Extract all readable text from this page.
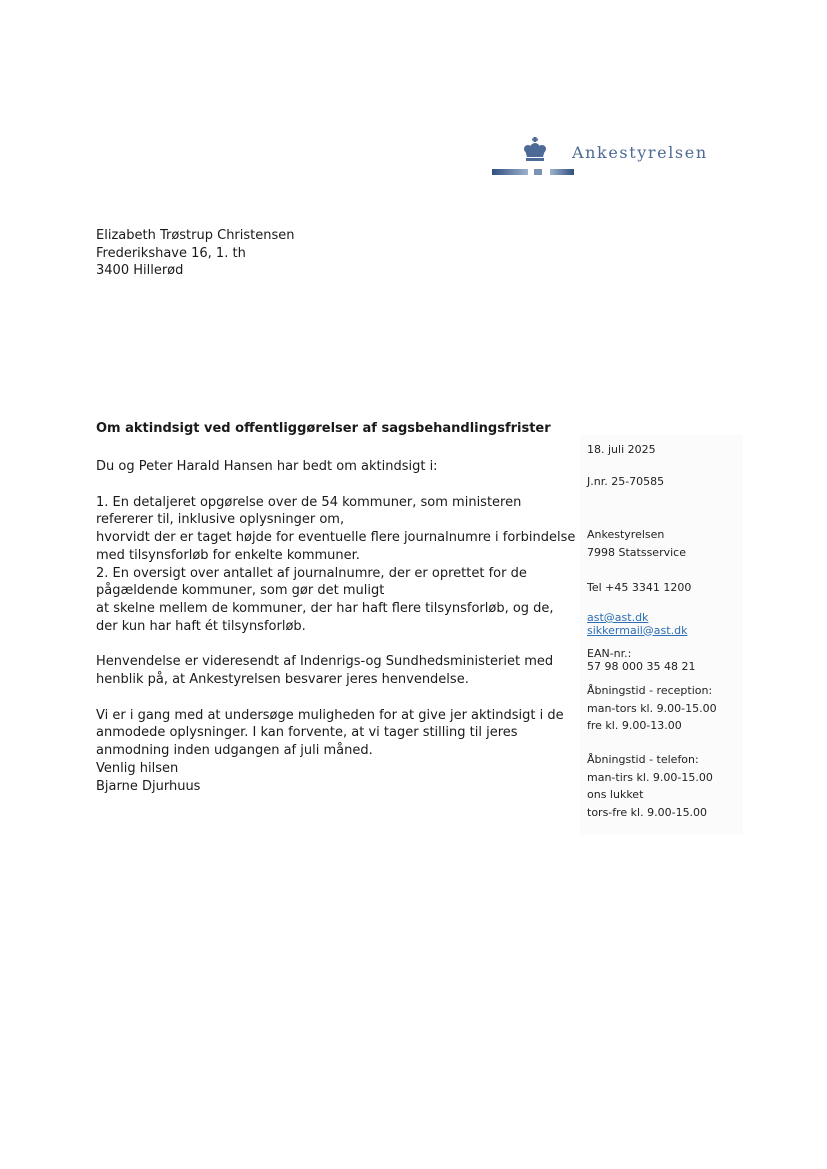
Ankestyrelsen
Elizabeth Trøstrup Christensen
Frederikshave 16, 1. th
3400 Hillerød
Om aktindsigt ved offentliggørelser af sagsbehandlingsfrister

Du og Peter Harald Hansen har bedt om aktindsigt i:

1. En detaljeret opgørelse over de 54 kommuner, som ministeren

refererer til, inklusive oplysninger om,

hvorvidt der er taget højde for eventuelle flere journalnumre i forbindelse

med tilsynsforløb for enkelte kommuner.

2. En oversigt over antallet af journalnumre, der er oprettet for de

pågældende kommuner, som gør det muligt

at skelne mellem de kommuner, der har haft flere tilsynsforløb, og de,

der kun har haft ét tilsynsforløb.

Henvendelse er videresendt af Indenrigs-og Sundhedsministeriet med

henblik på, at Ankestyrelsen besvarer jeres henvendelse.

Vi er i gang med at undersøge muligheden for at give jer aktindsigt i de

anmodede oplysninger. I kan forvente, at vi tager stilling til jeres

anmodning inden udgangen af juli måned.

Venlig hilsen

Bjarne Djurhuus

18. juli 2025
J.nr. 25-70585
Ankestyrelsen
7998 Statsservice
Tel +45 3341 1200
ast@ast.dk
sikkermail@ast.dk
EAN-nr.:
57 98 000 35 48 21
Åbningstid - reception:
man-tors kl. 9.00-15.00
fre kl. 9.00-13.00
Åbningstid - telefon:
man-tirs kl. 9.00-15.00
ons lukket
tors-fre kl. 9.00-15.00
